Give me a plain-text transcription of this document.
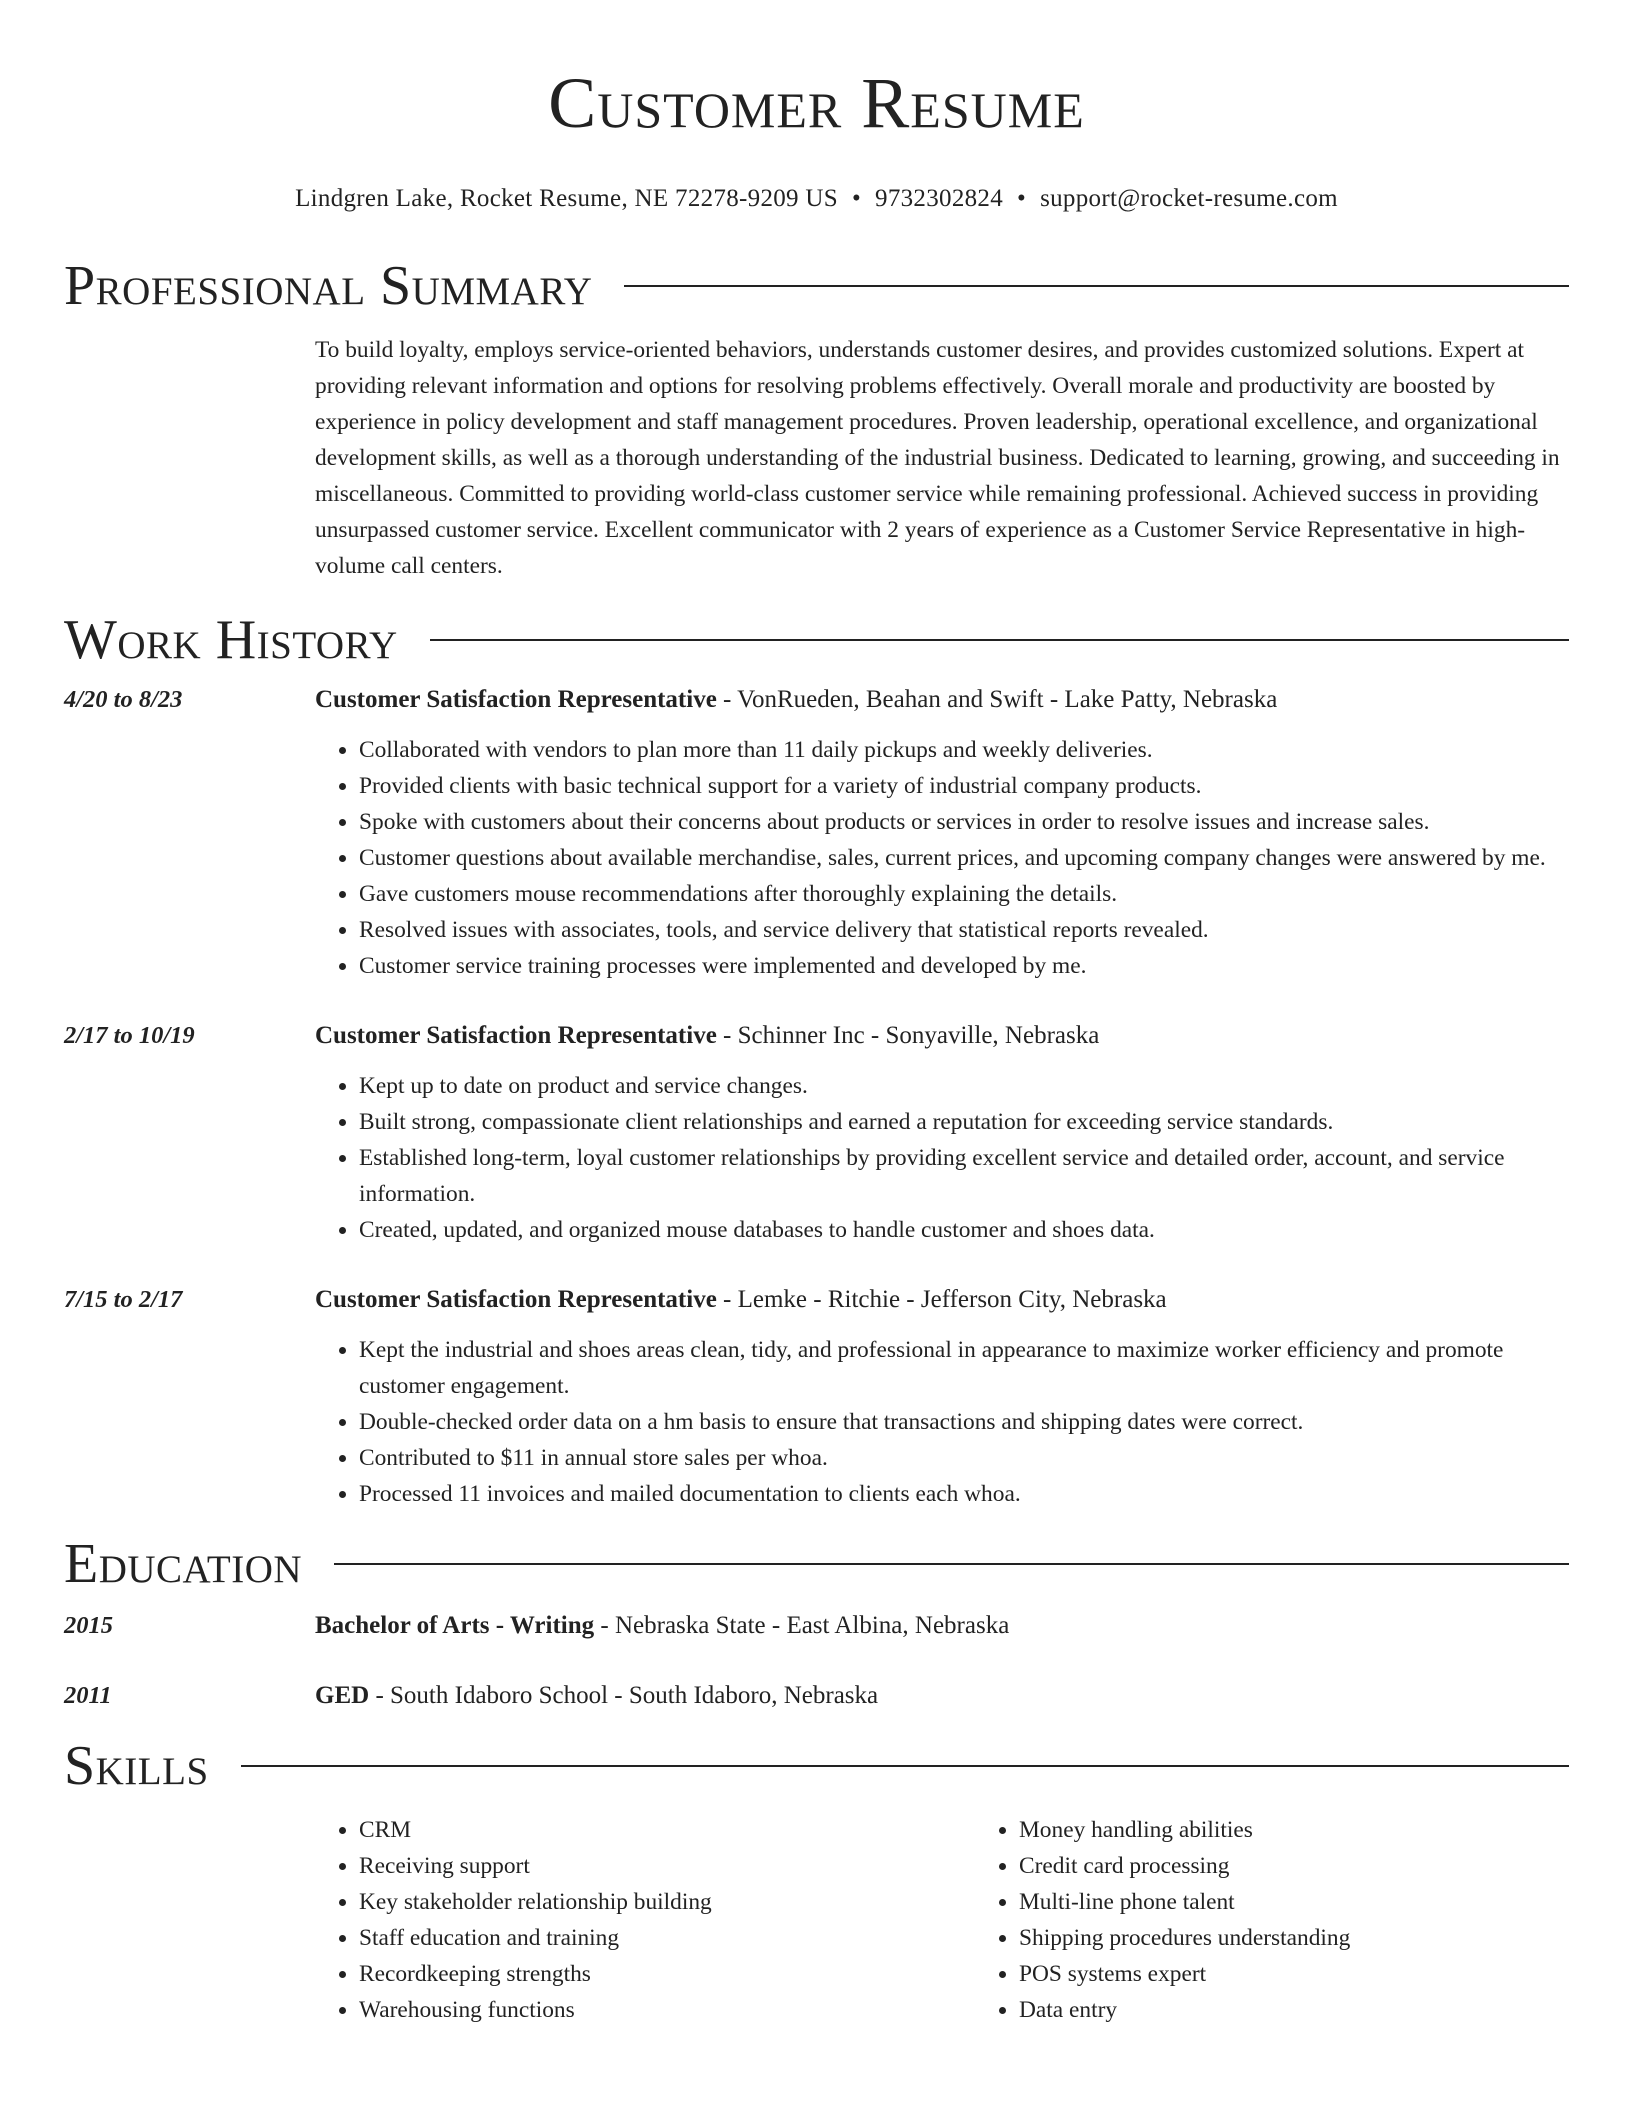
Customer Resume
Lindgren Lake, Rocket Resume, NE 72278-9209 US • 9732302824 • support@rocket-resume.com
Professional Summary
To build loyalty, employs service-oriented behaviors, understands customer desires, and provides customized solutions. Expert at providing relevant information and options for resolving problems effectively. Overall morale and productivity are boosted by experience in policy development and staff management procedures. Proven leadership, operational excellence, and organizational development skills, as well as a thorough understanding of the industrial business. Dedicated to learning, growing, and succeeding in miscellaneous. Committed to providing world-class customer service while remaining professional. Achieved success in providing unsurpassed customer service. Excellent communicator with 2 years of experience as a Customer Service Representative in high-volume call centers.
Work History
4/20 to 8/23	Customer Satisfaction Representative - VonRueden, Beahan and Swift - Lake Patty, Nebraska
• Collaborated with vendors to plan more than 11 daily pickups and weekly deliveries.
• Provided clients with basic technical support for a variety of industrial company products.
• Spoke with customers about their concerns about products or services in order to resolve issues and increase sales.
• Customer questions about available merchandise, sales, current prices, and upcoming company changes were answered by me.
• Gave customers mouse recommendations after thoroughly explaining the details.
• Resolved issues with associates, tools, and service delivery that statistical reports revealed.
• Customer service training processes were implemented and developed by me.
2/17 to 10/19	Customer Satisfaction Representative - Schinner Inc - Sonyaville, Nebraska
• Kept up to date on product and service changes.
• Built strong, compassionate client relationships and earned a reputation for exceeding service standards.
• Established long-term, loyal customer relationships by providing excellent service and detailed order, account, and service information.
• Created, updated, and organized mouse databases to handle customer and shoes data.
7/15 to 2/17	Customer Satisfaction Representative - Lemke - Ritchie - Jefferson City, Nebraska
• Kept the industrial and shoes areas clean, tidy, and professional in appearance to maximize worker efficiency and promote customer engagement.
• Double-checked order data on a hm basis to ensure that transactions and shipping dates were correct.
• Contributed to $11 in annual store sales per whoa.
• Processed 11 invoices and mailed documentation to clients each whoa.
Education
2015	Bachelor of Arts - Writing - Nebraska State - East Albina, Nebraska
2011	GED - South Idaboro School - South Idaboro, Nebraska
Skills
• CRM
• Receiving support
• Key stakeholder relationship building
• Staff education and training
• Recordkeeping strengths
• Warehousing functions
• Money handling abilities
• Credit card processing
• Multi-line phone talent
• Shipping procedures understanding
• POS systems expert
• Data entry
